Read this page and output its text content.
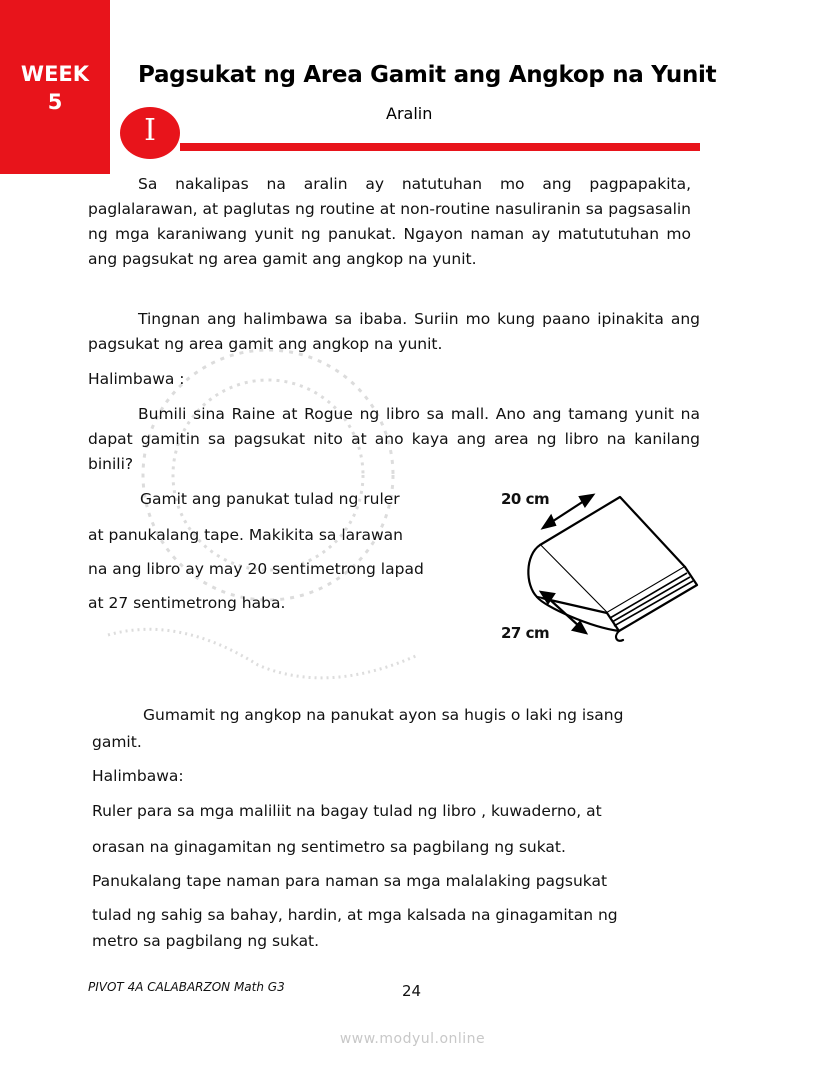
WEEK
5
Pagsukat ng Area Gamit ang Angkop na Yunit
Aralin
I

Sa nakalipas na aralin ay natutuhan mo ang pagpapakita, paglalarawan, at paglutas ng routine at non-routine nasuliranin sa pagsasalin ng mga karaniwang yunit ng panukat. Ngayon naman ay matututuhan mo ang pagsukat ng area gamit ang angkop na yunit.

Tingnan ang halimbawa sa ibaba. Suriin mo kung paano ipinakita ang pagsukat ng area gamit ang angkop na yunit.

Halimbawa :

Bumili sina Raine at Rogue ng libro sa mall. Ano ang tamang yunit na dapat gamitin sa pagsukat nito at ano kaya ang area ng libro na kanilang binili?

Gamit ang panukat tulad ng ruler
at panukalang tape. Makikita sa larawan
na ang libro ay may 20 sentimetrong lapad
at 27 sentimetrong haba.
20 cm
27 cm
Gumamit ng angkop na panukat ayon sa hugis o laki ng isang
gamit.
Halimbawa:
Ruler para sa mga maliliit na bagay tulad ng libro , kuwaderno, at
orasan na ginagamitan ng sentimetro sa pagbilang ng sukat.
Panukalang tape naman para naman sa mga malalaking pagsukat
tulad ng sahig sa bahay, hardin, at mga kalsada na ginagamitan ng
metro sa pagbilang ng sukat.
PIVOT 4A CALABARZON Math G3	24
www.modyul.online
